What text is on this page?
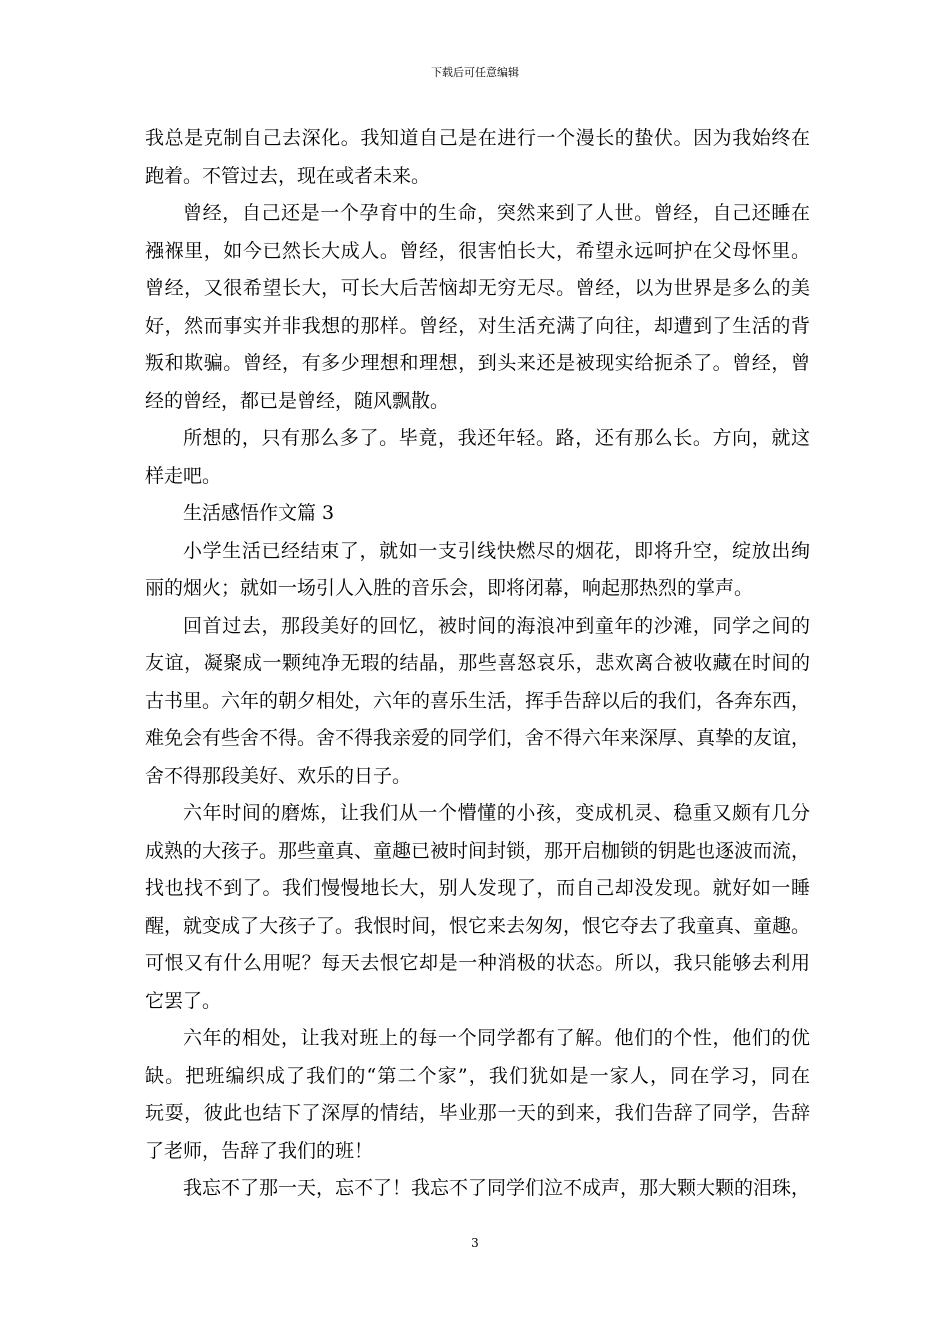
下载后可任意编辑
我总是克制自己去深化。我知道自己是在进行一个漫长的蛰伏。因为我始终在
跑着。不管过去，现在或者未来。
曾经，自己还是一个孕育中的生命，突然来到了人世。曾经，自己还睡在
襁褓里，如今已然长大成人。曾经，很害怕长大，希望永远呵护在父母怀里。
曾经，又很希望长大，可长大后苦恼却无穷无尽。曾经，以为世界是多么的美
好，然而事实并非我想的那样。曾经，对生活充满了向往，却遭到了生活的背
叛和欺骗。曾经，有多少理想和理想，到头来还是被现实给扼杀了。曾经，曾
经的曾经，都已是曾经，随风飘散。
所想的，只有那么多了。毕竟，我还年轻。路，还有那么长。方向，就这
样走吧。
生活感悟作文篇 3
小学生活已经结束了，就如一支引线快燃尽的烟花，即将升空，绽放出绚
丽的烟火；就如一场引人入胜的音乐会，即将闭幕，响起那热烈的掌声。
回首过去，那段美好的回忆，被时间的海浪冲到童年的沙滩，同学之间的
友谊，凝聚成一颗纯净无瑕的结晶，那些喜怒哀乐，悲欢离合被收藏在时间的
古书里。六年的朝夕相处，六年的喜乐生活，挥手告辞以后的我们，各奔东西，
难免会有些舍不得。舍不得我亲爱的同学们，舍不得六年来深厚、真挚的友谊，
舍不得那段美好、欢乐的日子。
六年时间的磨炼，让我们从一个懵懂的小孩，变成机灵、稳重又颇有几分
成熟的大孩子。那些童真、童趣已被时间封锁，那开启枷锁的钥匙也逐波而流，
找也找不到了。我们慢慢地长大，别人发现了，而自己却没发现。就好如一睡
醒，就变成了大孩子了。我恨时间，恨它来去匆匆，恨它夺去了我童真、童趣。
可恨又有什么用呢？每天去恨它却是一种消极的状态。所以，我只能够去利用
它罢了。
六年的相处，让我对班上的每一个同学都有了解。他们的个性，他们的优
缺。把班编织成了我们的“第二个家”，我们犹如是一家人，同在学习，同在
玩耍，彼此也结下了深厚的情结，毕业那一天的到来，我们告辞了同学，告辞
了老师，告辞了我们的班！
我忘不了那一天，忘不了！我忘不了同学们泣不成声，那大颗大颗的泪珠，
3
